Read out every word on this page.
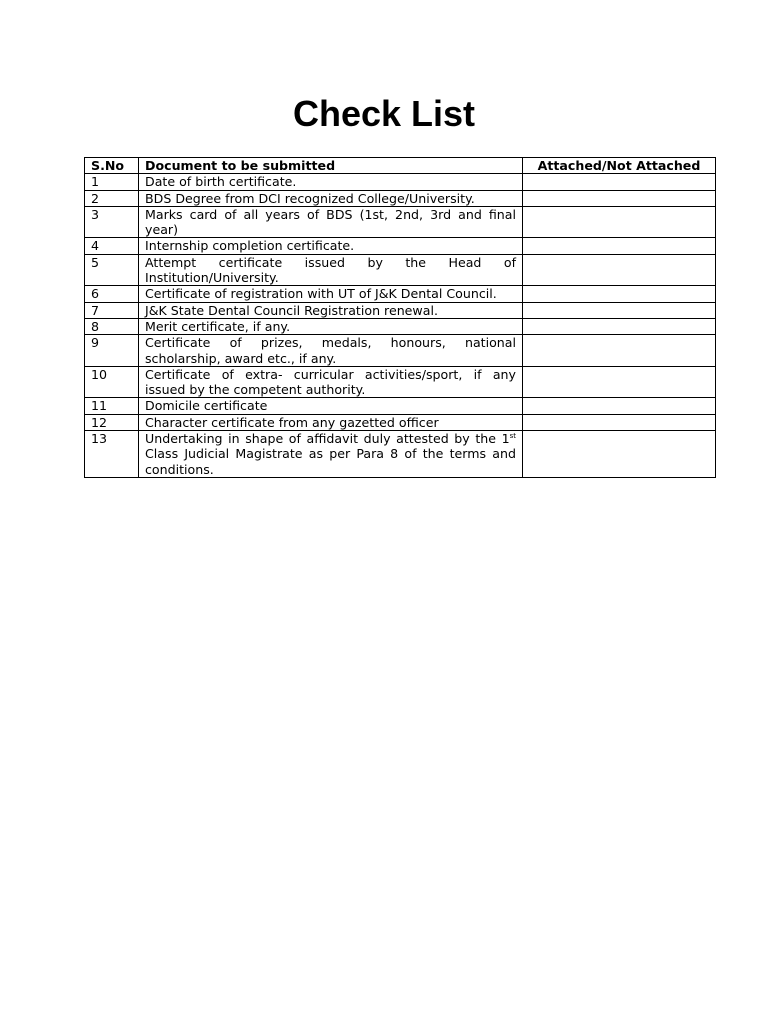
Check List
S.No	Document to be submitted	Attached/Not Attached
1	Date of birth certificate.	
2	BDS Degree from DCI recognized College/University.	
3	Marks card of all years of BDS (1st, 2nd, 3rd and final year)	
4	Internship completion certificate.	
5	Attempt certificate issued by the Head of Institution/University.	
6	Certificate of registration with UT of J&K Dental Council.	
7	J&K State Dental Council Registration renewal.	
8	Merit certificate, if any.	
9	Certificate of prizes, medals, honours, national scholarship, award etc., if any.	
10	Certificate of extra- curricular activities/sport, if any issued by the competent authority.	
11	Domicile certificate	
12	Character certificate from any gazetted officer	
13	Undertaking in shape of affidavit duly attested by the 1st Class Judicial Magistrate as per Para 8 of the terms and conditions.	
